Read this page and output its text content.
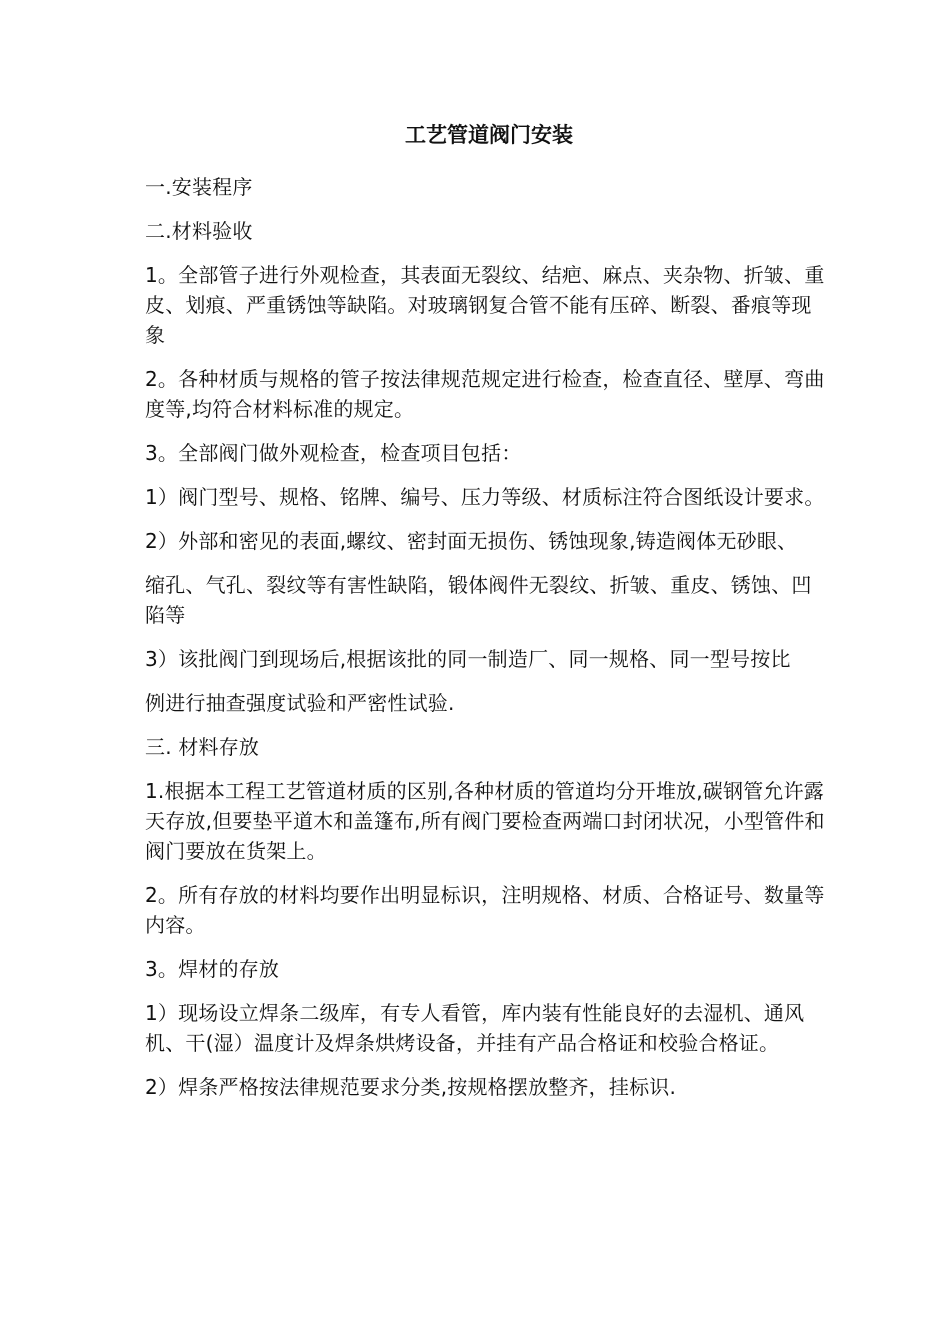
工艺管道阀门安装

一.安装程序

二.材料验收

1。全部管子进行外观检查，其表面无裂纹、结疤、麻点、夹杂物、折皱、重皮、划痕、严重锈蚀等缺陷。对玻璃钢复合管不能有压碎、断裂、番痕等现象

2。各种材质与规格的管子按法律规范规定进行检查，检查直径、壁厚、弯曲度等,均符合材料标准的规定。

3。全部阀门做外观检查，检查项目包括：

1）阀门型号、规格、铭牌、编号、压力等级、材质标注符合图纸设计要求。

2）外部和密见的表面,螺纹、密封面无损伤、锈蚀现象,铸造阀体无砂眼、

缩孔、气孔、裂纹等有害性缺陷，锻体阀件无裂纹、折皱、重皮、锈蚀、凹陷等

3）该批阀门到现场后,根据该批的同一制造厂、同一规格、同一型号按比

例进行抽查强度试验和严密性试验.

三. 材料存放

1.根据本工程工艺管道材质的区别,各种材质的管道均分开堆放,碳钢管允许露天存放,但要垫平道木和盖篷布,所有阀门要检查两端口封闭状况，小型管件和阀门要放在货架上。

2。所有存放的材料均要作出明显标识，注明规格、材质、合格证号、数量等内容。

3。焊材的存放

1）现场设立焊条二级库，有专人看管，库内装有性能良好的去湿机、通风机、干(湿）温度计及焊条烘烤设备，并挂有产品合格证和校验合格证。

2）焊条严格按法律规范要求分类,按规格摆放整齐，挂标识.
